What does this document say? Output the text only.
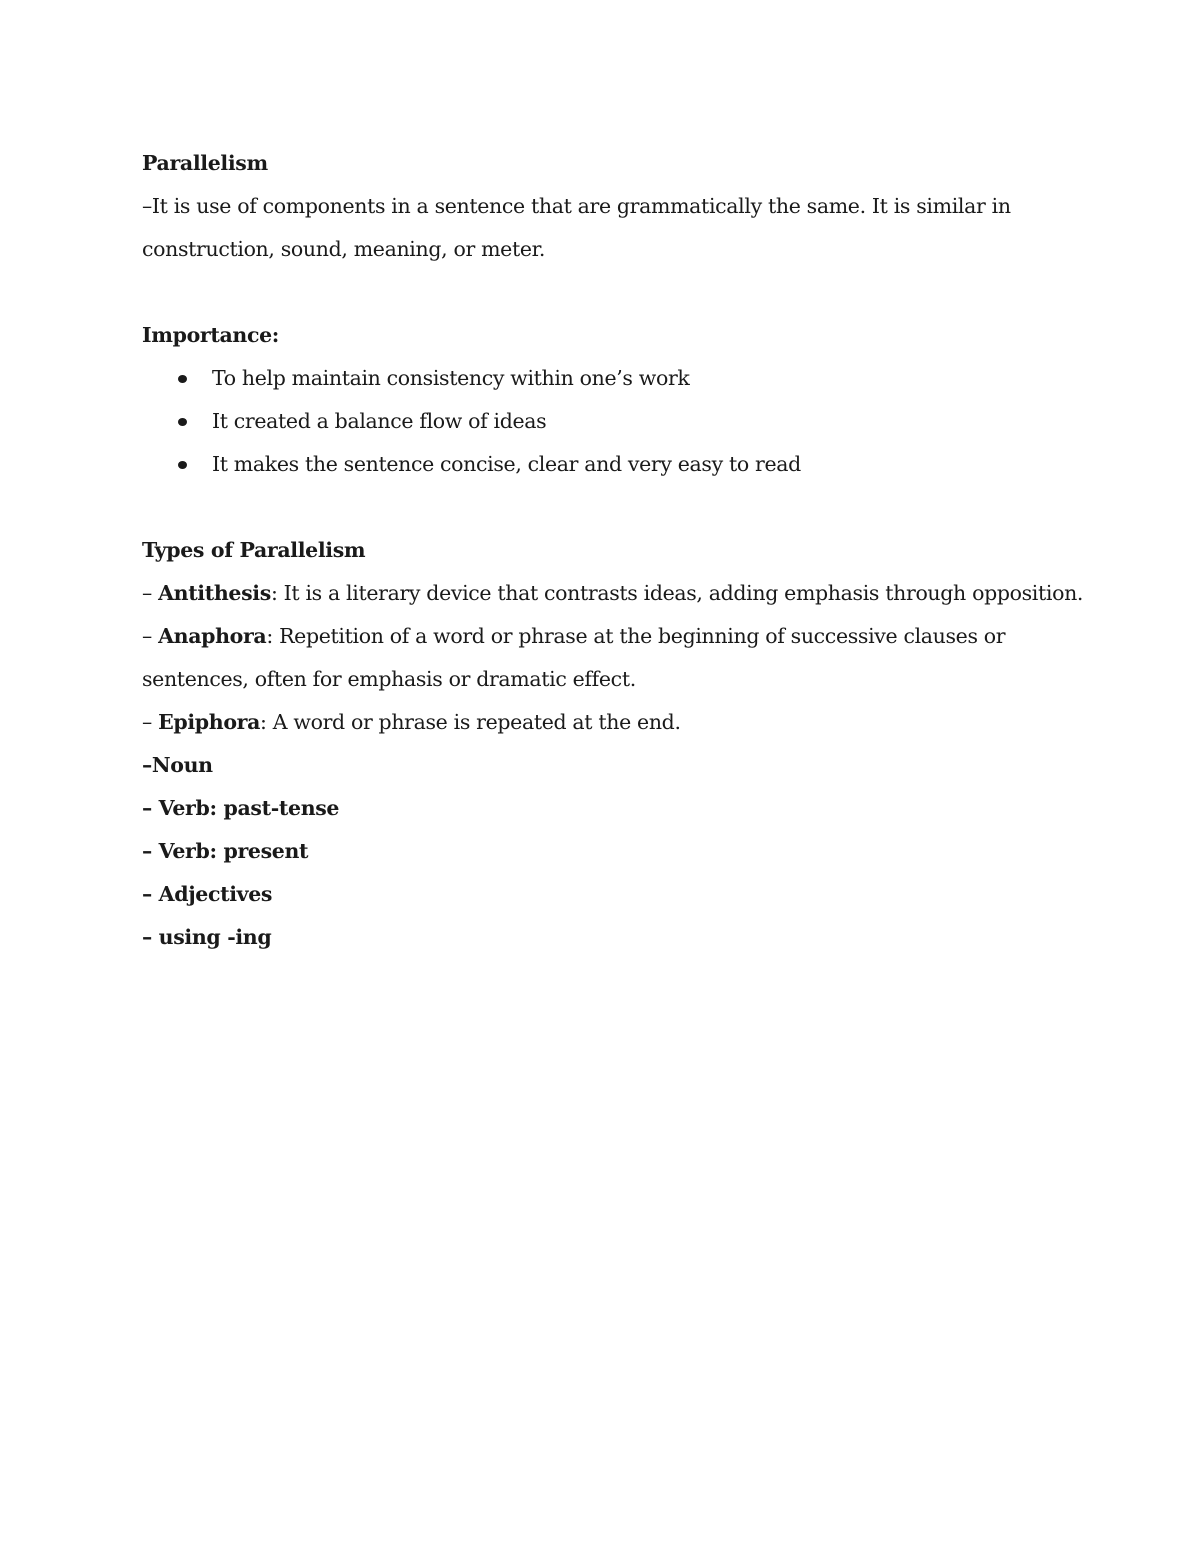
Parallelism
–It is use of components in a sentence that are grammatically the same. It is similar in
construction, sound, meaning, or meter.
Importance:
To help maintain consistency within one’s work
It created a balance flow of ideas
It makes the sentence concise, clear and very easy to read
Types of Parallelism
– Antithesis: It is a literary device that contrasts ideas, adding emphasis through opposition.
– Anaphora: Repetition of a word or phrase at the beginning of successive clauses or
sentences, often for emphasis or dramatic effect.
– Epiphora: A word or phrase is repeated at the end.
–Noun
– Verb: past-tense
– Verb: present
– Adjectives
– using -ing
